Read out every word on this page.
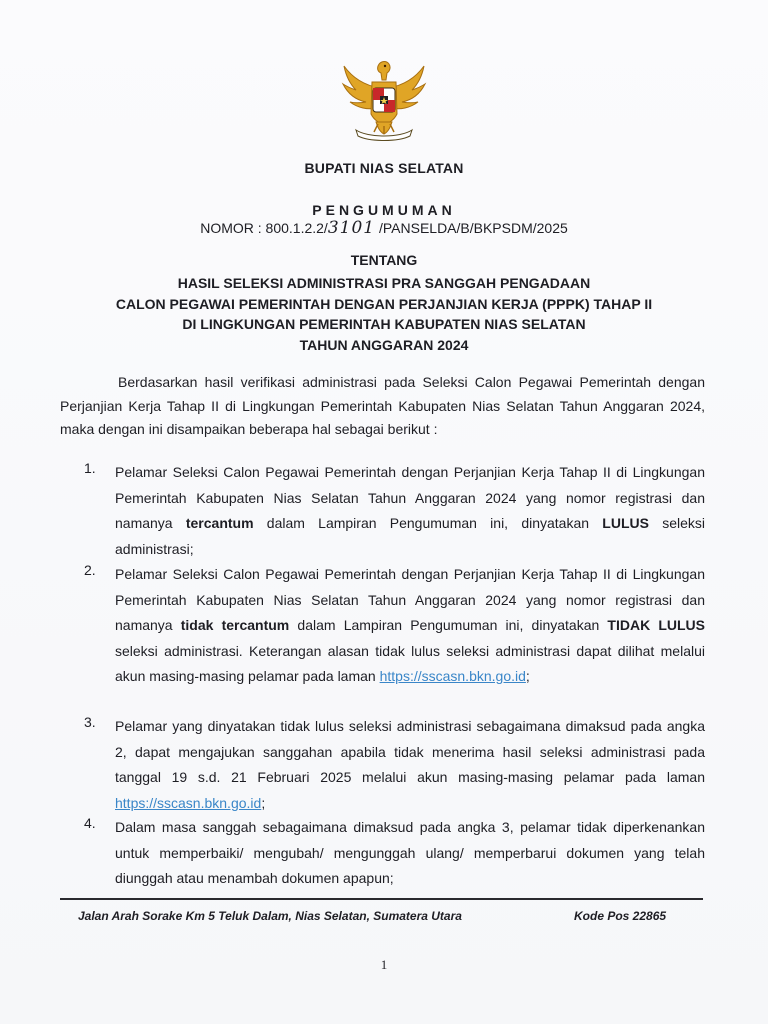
BUPATI NIAS SELATAN
PENGUMUMAN
NOMOR : 800.1.2.2/3101 /PANSELDA/B/BKPSDM/2025
TENTANG
HASIL SELEKSI ADMINISTRASI PRA SANGGAH PENGADAAN
CALON PEGAWAI PEMERINTAH DENGAN PERJANJIAN KERJA (PPPK) TAHAP II
DI LINGKUNGAN PEMERINTAH KABUPATEN NIAS SELATAN
TAHUN ANGGARAN 2024
Berdasarkan hasil verifikasi administrasi pada Seleksi Calon Pegawai Pemerintah dengan Perjanjian Kerja Tahap II di Lingkungan Pemerintah Kabupaten Nias Selatan Tahun Anggaran 2024, maka dengan ini disampaikan beberapa hal sebagai berikut :
1. Pelamar Seleksi Calon Pegawai Pemerintah dengan Perjanjian Kerja Tahap II di Lingkungan Pemerintah Kabupaten Nias Selatan Tahun Anggaran 2024 yang nomor registrasi dan namanya tercantum dalam Lampiran Pengumuman ini, dinyatakan LULUS seleksi administrasi;
2. Pelamar Seleksi Calon Pegawai Pemerintah dengan Perjanjian Kerja Tahap II di Lingkungan Pemerintah Kabupaten Nias Selatan Tahun Anggaran 2024 yang nomor registrasi dan namanya tidak tercantum dalam Lampiran Pengumuman ini, dinyatakan TIDAK LULUS seleksi administrasi. Keterangan alasan tidak lulus seleksi administrasi dapat dilihat melalui akun masing-masing pelamar pada laman https://sscasn.bkn.go.id;
3. Pelamar yang dinyatakan tidak lulus seleksi administrasi sebagaimana dimaksud pada angka 2, dapat mengajukan sanggahan apabila tidak menerima hasil seleksi administrasi pada tanggal 19 s.d. 21 Februari 2025 melalui akun masing-masing pelamar pada laman https://sscasn.bkn.go.id;
4. Dalam masa sanggah sebagaimana dimaksud pada angka 3, pelamar tidak diperkenankan untuk memperbaiki/ mengubah/ mengunggah ulang/ memperbarui dokumen yang telah diunggah atau menambah dokumen apapun;
Jalan Arah Sorake Km 5 Teluk Dalam, Nias Selatan, Sumatera Utara	Kode Pos 22865
1
